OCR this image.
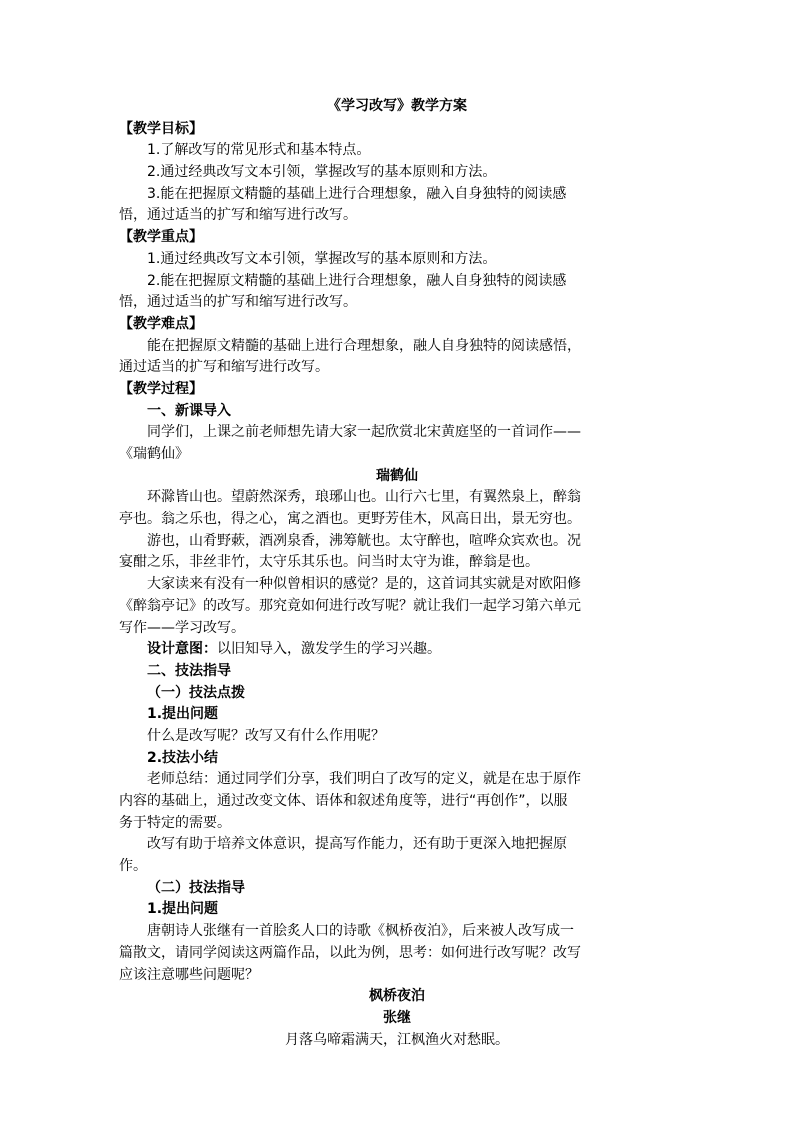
《学习改写》教学方案
【教学目标】
1.了解改写的常见形式和基本特点。
2.通过经典改写文本引领，掌握改写的基本原则和方法。
3.能在把握原文精髓的基础上进行合理想象，融入自身独特的阅读感
悟，通过适当的扩写和缩写进行改写。
【教学重点】
1.通过经典改写文本引领，掌握改写的基本原则和方法。
2.能在把握原文精髓的基础上进行合理想象，融人自身独特的阅读感
悟，通过适当的扩写和缩写进行改写。
【教学难点】
能在把握原文精髓的基础上进行合理想象，融人自身独特的阅读感悟，
通过适当的扩写和缩写进行改写。
【教学过程】
一、新课导入
同学们，上课之前老师想先请大家一起欣赏北宋黄庭坚的一首词作——
《瑞鹤仙》
瑞鹤仙
环滁皆山也。望蔚然深秀，琅琊山也。山行六七里，有翼然泉上，醉翁
亭也。翁之乐也，得之心，寓之酒也。更野芳佳木，风高日出，景无穷也。
游也，山肴野蔌，酒冽泉香，沸筹觥也。太守醉也，喧哗众宾欢也。况
宴酣之乐，非丝非竹，太守乐其乐也。问当时太守为谁，醉翁是也。
大家读来有没有一种似曾相识的感觉？是的，这首词其实就是对欧阳修
《醉翁亭记》的改写。那究竟如何进行改写呢？就让我们一起学习第六单元
写作——学习改写。
设计意图：以旧知导入，激发学生的学习兴趣。
二、技法指导
（一）技法点拨
1.提出问题
什么是改写呢？改写又有什么作用呢？
2.技法小结
老师总结：通过同学们分享，我们明白了改写的定义，就是在忠于原作
内容的基础上，通过改变文体、语体和叙述角度等，进行“再创作”，以服
务于特定的需要。
改写有助于培养文体意识，提高写作能力，还有助于更深入地把握原
作。
（二）技法指导
1.提出问题
唐朝诗人张继有一首脍炙人口的诗歌《枫桥夜泊》，后来被人改写成一
篇散文，请同学阅读这两篇作品，以此为例，思考：如何进行改写呢？改写
应该注意哪些问题呢？
枫桥夜泊
张继
月落乌啼霜满天，江枫渔火对愁眠。
